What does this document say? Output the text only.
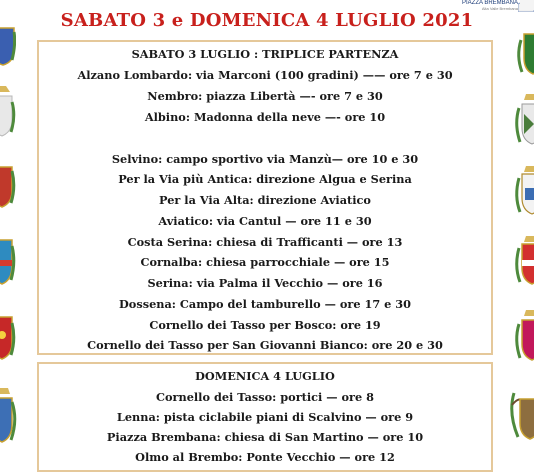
SABATO 3 e DOMENICA 4 LUGLIO 2021
PIAZZA BREMBANA
Alta Valle Brembana
SABATO 3 LUGLIO : TRIPLICE PARTENZA
Alzano Lombardo: via Marconi (100 gradini) —— ore 7 e 30
Nembro: piazza Libertà —- ore 7 e 30
Albino: Madonna della neve —- ore 10
Selvino: campo sportivo via Manzù— ore 10 e 30
Per la Via più Antica: direzione Algua e Serina
Per la Via Alta: direzione Aviatico
Aviatico: via Cantul — ore 11 e 30
Costa Serina: chiesa di Trafficanti — ore 13
Cornalba: chiesa parrocchiale — ore 15
Serina: via Palma il Vecchio — ore 16
Dossena: Campo del tamburello — ore 17 e 30
Cornello dei Tasso per Bosco: ore 19
Cornello dei Tasso per San Giovanni Bianco: ore 20 e 30
DOMENICA 4 LUGLIO
Cornello dei Tasso: portici — ore 8
Lenna: pista ciclabile piani di Scalvino — ore 9
Piazza Brembana: chiesa di San Martino — ore 10
Olmo al Brembo: Ponte Vecchio — ore 12
